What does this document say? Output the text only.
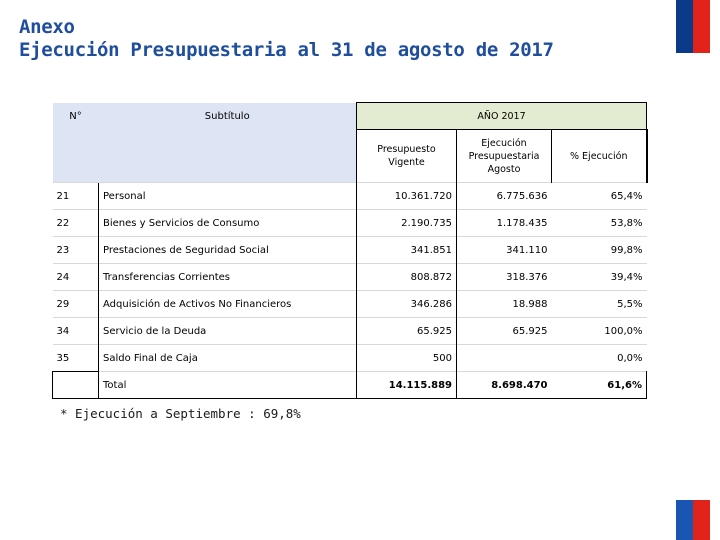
Anexo
Ejecución Presupuestaria al 31 de agosto de 2017
N°	Subtítulo	AÑO 2017		
		Presupuesto Vigente	Ejecución Presupuestaria Agosto	% Ejecución
21	Personal	10.361.720	6.775.636	65,4%
22	Bienes y Servicios de Consumo	2.190.735	1.178.435	53,8%
23	Prestaciones de Seguridad Social	341.851	341.110	99,8%
24	Transferencias Corrientes	808.872	318.376	39,4%
29	Adquisición de Activos No Financieros	346.286	18.988	5,5%
34	Servicio de la Deuda	65.925	65.925	100,0%
35	Saldo Final de Caja	500		0,0%
	Total	14.115.889	8.698.470	61,6%
* Ejecución a Septiembre : 69,8%
